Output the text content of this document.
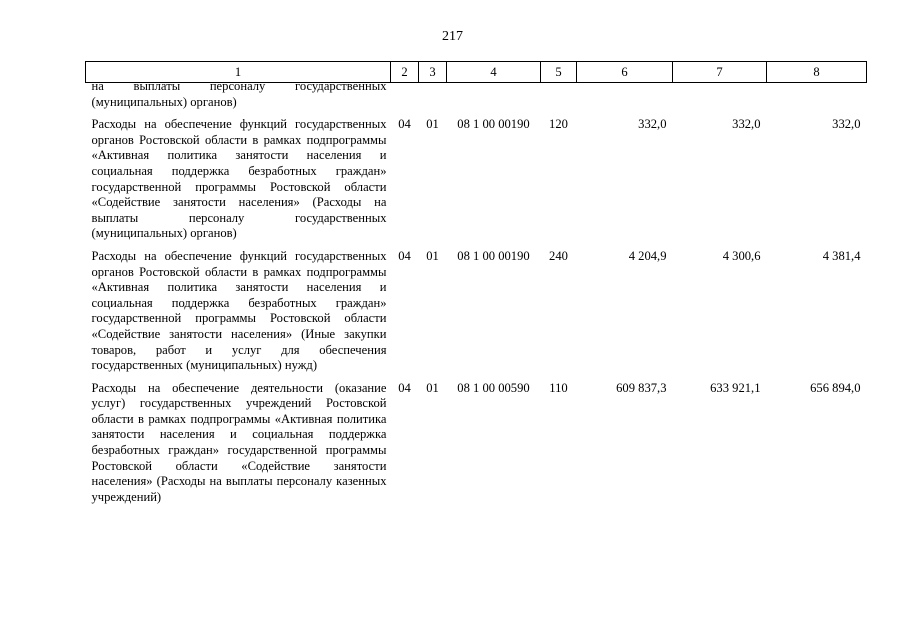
217
1	2	3	4	5	6	7	8

на выплаты персоналу государственных (муниципальных) органов)							

Расходы на обеспечение функций государственных органов Ростовской области в рамках подпрограммы «Активная политика занятости населения и социальная поддержка безработных граждан» государственной программы Ростовской области «Содействие занятости населения» (Расходы на выплаты персоналу государственных (муниципальных) органов)	04	01	08 1 00 00190	120	332,0	332,0	332,0

Расходы на обеспечение функций государственных органов Ростовской области в рамках подпрограммы «Активная политика занятости населения и социальная поддержка безработных граждан» государственной программы Ростовской области «Содействие занятости населения» (Иные закупки товаров, работ и услуг для обеспечения государственных (муниципальных) нужд)	04	01	08 1 00 00190	240	4 204,9	4 300,6	4 381,4

Расходы на обеспечение деятельности (оказание услуг) государственных учреждений Ростовской области в рамках подпрограммы «Активная политика занятости населения и социальная поддержка безработных граждан» государственной программы Ростовской области «Содействие занятости населения» (Расходы на выплаты персоналу казенных учреждений)	04	01	08 1 00 00590	110	609 837,3	633 921,1	656 894,0
